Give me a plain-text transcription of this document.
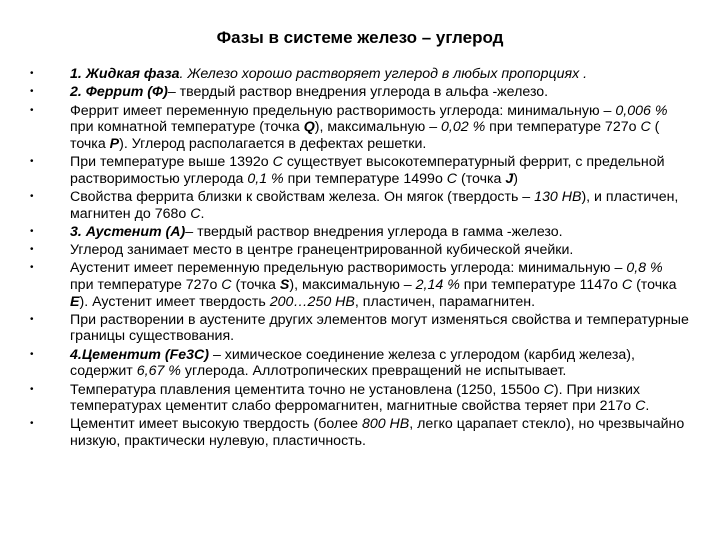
Фазы в системе железо – углерод
•	1. Жидкая фаза. Железо хорошо растворяет углерод в любых пропорциях .
•	2. Феррит (Ф)– твердый раствор внедрения углерода в альфа -железо.
•	Феррит имеет переменную предельную растворимость углерода: минимальную – 0,006 % при комнатной температуре (точка Q), максимальную – 0,02 % при температуре 727о С ( точка Р). Углерод располагается в дефектах решетки.
•	При температуре выше 1392о С существует высокотемпературный феррит, с предельной растворимостью углерода 0,1 % при температуре 1499о С (точка J)
•	Свойства феррита близки к свойствам железа. Он мягок (твердость – 130 НВ), и пластичен, магнитен до 768о С.
•	3. Аустенит (А)– твердый раствор внедрения углерода в гамма -железо.
•	Углерод занимает место в центре гранецентрированной кубической ячейки.
•	Аустенит имеет переменную предельную растворимость углерода: минимальную – 0,8 % при температуре 727о С (точка S), максимальную – 2,14 % при температуре 1147о С (точка Е). Аустенит имеет твердость 200…250 НВ, пластичен, парамагнитен.
•	При растворении в аустените других элементов могут изменяться свойства и температурные границы существования.
•	4.Цементит (Fe3C) – химическое соединение железа с углеродом (карбид железа), содержит 6,67 % углерода. Аллотропических превращений не испытывает.
•	Температура плавления цементита точно не установлена (1250, 1550о С). При низких температурах цементит слабо ферромагнитен, магнитные свойства теряет при 217о С.
•	Цементит имеет высокую твердость (более 800 НВ, легко царапает стекло), но чрезвычайно низкую, практически нулевую, пластичность.
